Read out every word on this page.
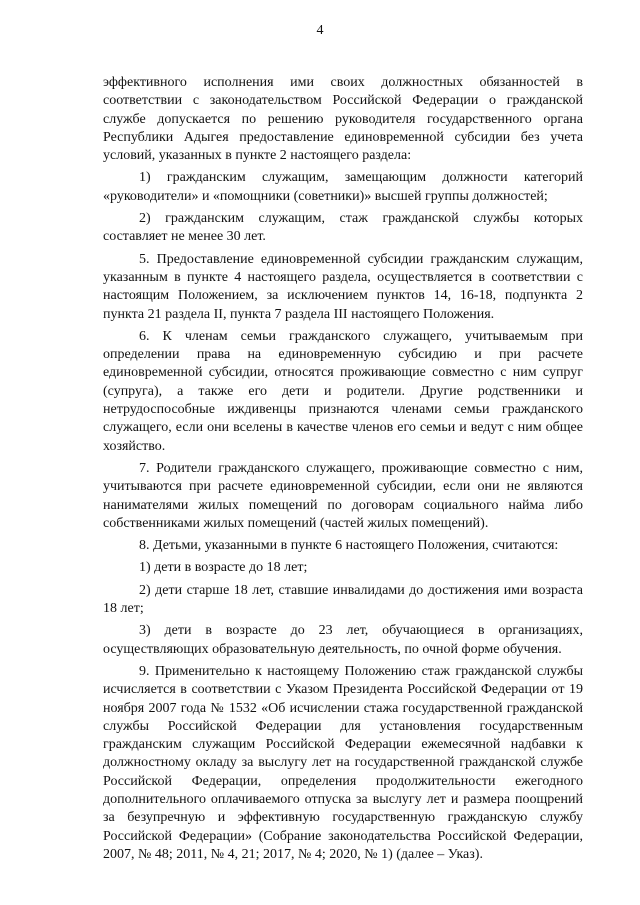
4

эффективного исполнения ими своих должностных обязанностей в соответствии с законодательством Российской Федерации о гражданской службе допускается по решению руководителя государственного органа Республики Адыгея предоставление единовременной субсидии без учета условий, указанных в пункте 2 настоящего раздела:

1) гражданским служащим, замещающим должности категорий «руководители» и «помощники (советники)» высшей группы должностей;

2) гражданским служащим, стаж гражданской службы которых составляет не менее 30 лет.

5. Предоставление единовременной субсидии гражданским служащим, указанным в пункте 4 настоящего раздела, осуществляется в соответствии с настоящим Положением, за исключением пунктов 14, 16-18, подпункта 2 пункта 21 раздела II, пункта 7 раздела III настоящего Положения.

6. К членам семьи гражданского служащего, учитываемым при определении права на единовременную субсидию и при расчете единовременной субсидии, относятся проживающие совместно с ним супруг (супруга), а также его дети и родители. Другие родственники и нетрудоспособные иждивенцы признаются членами семьи гражданского служащего, если они вселены в качестве членов его семьи и ведут с ним общее хозяйство.

7. Родители гражданского служащего, проживающие совместно с ним, учитываются при расчете единовременной субсидии, если они не являются нанимателями жилых помещений по договорам социального найма либо собственниками жилых помещений (частей жилых помещений).

8. Детьми, указанными в пункте 6 настоящего Положения, считаются:

1) дети в возрасте до 18 лет;

2) дети старше 18 лет, ставшие инвалидами до достижения ими возраста 18 лет;

3) дети в возрасте до 23 лет, обучающиеся в организациях, осуществляющих образовательную деятельность, по очной форме обучения.

9. Применительно к настоящему Положению стаж гражданской службы исчисляется в соответствии с Указом Президента Российской Федерации от 19 ноября 2007 года № 1532 «Об исчислении стажа государственной гражданской службы Российской Федерации для установления государственным гражданским служащим Российской Федерации ежемесячной надбавки к должностному окладу за выслугу лет на государственной гражданской службе Российской Федерации, определения продолжительности ежегодного дополнительного оплачиваемого отпуска за выслугу лет и размера поощрений за безупречную и эффективную государственную гражданскую службу Российской Федерации» (Собрание законодательства Российской Федерации, 2007, № 48; 2011, № 4, 21; 2017, № 4; 2020, № 1) (далее – Указ).
